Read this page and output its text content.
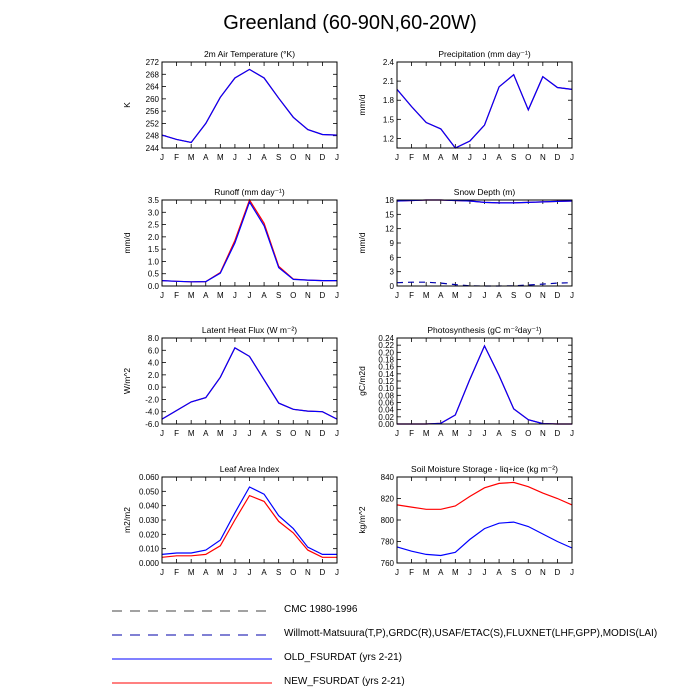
Greenland (60-90N,60-20W)
2m Air Temperature (°K)
K
244
248
252
256
260
264
268
272
J F M A M J J A S O N D J
Precipitation (mm day⁻¹)
mm/d
1.2
1.5
1.8
2.1
2.4
J F M A M J J A S O N D J
Runoff (mm day⁻¹)
mm/d
0.0
0.5
1.0
1.5
2.0
2.5
3.0
3.5
J F M A M J J A S O N D J
Snow Depth (m)
mm/d
0
3
6
9
12
15
18
J F M A M J J A S O N D J
Latent Heat Flux (W m⁻²)
W/m^2
-6.0
-4.0
-2.0
0.0
2.0
4.0
6.0
8.0
J F M A M J J A S O N D J
Photosynthesis (gC m⁻²day⁻¹)
gC/m2d
0.00
0.02
0.04
0.06
0.08
0.10
0.12
0.14
0.16
0.18
0.20
0.22
0.24
J F M A M J J A S O N D J
Leaf Area Index
m2/m2
0.000
0.010
0.020
0.030
0.040
0.050
0.060
J F M A M J J A S O N D J
Soil Moisture Storage - liq+ice (kg m⁻²)
kg/m^2
760
780
800
820
840
J F M A M J J A S O N D J
CMC 1980-1996
Willmott-Matsuura(T,P),GRDC(R),USAF/ETAC(S),FLUXNET(LHF,GPP),MODIS(LAI)
OLD_FSURDAT (yrs 2-21)
NEW_FSURDAT (yrs 2-21)
